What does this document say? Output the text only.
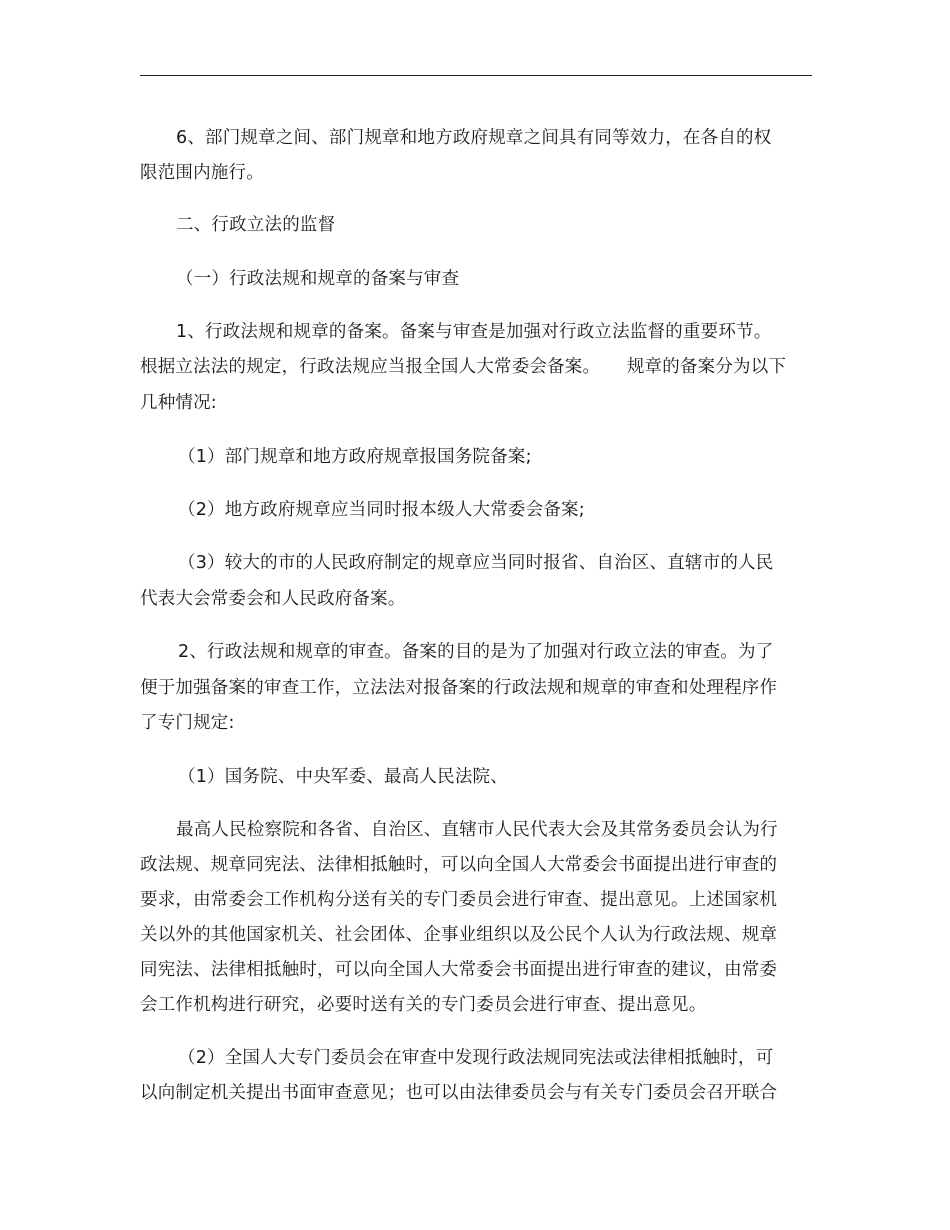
6、部门规章之间、部门规章和地方政府规章之间具有同等效力，在各自的权
限范围内施行。
二、行政立法的监督
（一）行政法规和规章的备案与审查
1、行政法规和规章的备案。备案与审查是加强对行政立法监督的重要环节。
根据立法法的规定，行政法规应当报全国人大常委会备案。　　规章的备案分为以下
几种情况:
（1）部门规章和地方政府规章报国务院备案;
（2）地方政府规章应当同时报本级人大常委会备案;
（3）较大的市的人民政府制定的规章应当同时报省、自治区、直辖市的人民
代表大会常委会和人民政府备案。
2、行政法规和规章的审查。备案的目的是为了加强对行政立法的审查。为了
便于加强备案的审查工作，立法法对报备案的行政法规和规章的审查和处理程序作
了专门规定:
（1）国务院、中央军委、最高人民法院、
最高人民检察院和各省、自治区、直辖市人民代表大会及其常务委员会认为行
政法规、规章同宪法、法律相抵触时，可以向全国人大常委会书面提出进行审查的
要求，由常委会工作机构分送有关的专门委员会进行审查、提出意见。上述国家机
关以外的其他国家机关、社会团体、企事业组织以及公民个人认为行政法规、规章
同宪法、法律相抵触时，可以向全国人大常委会书面提出进行审查的建议，由常委
会工作机构进行研究，必要时送有关的专门委员会进行审查、提出意见。
（2）全国人大专门委员会在审查中发现行政法规同宪法或法律相抵触时，可
以向制定机关提出书面审查意见；也可以由法律委员会与有关专门委员会召开联合
